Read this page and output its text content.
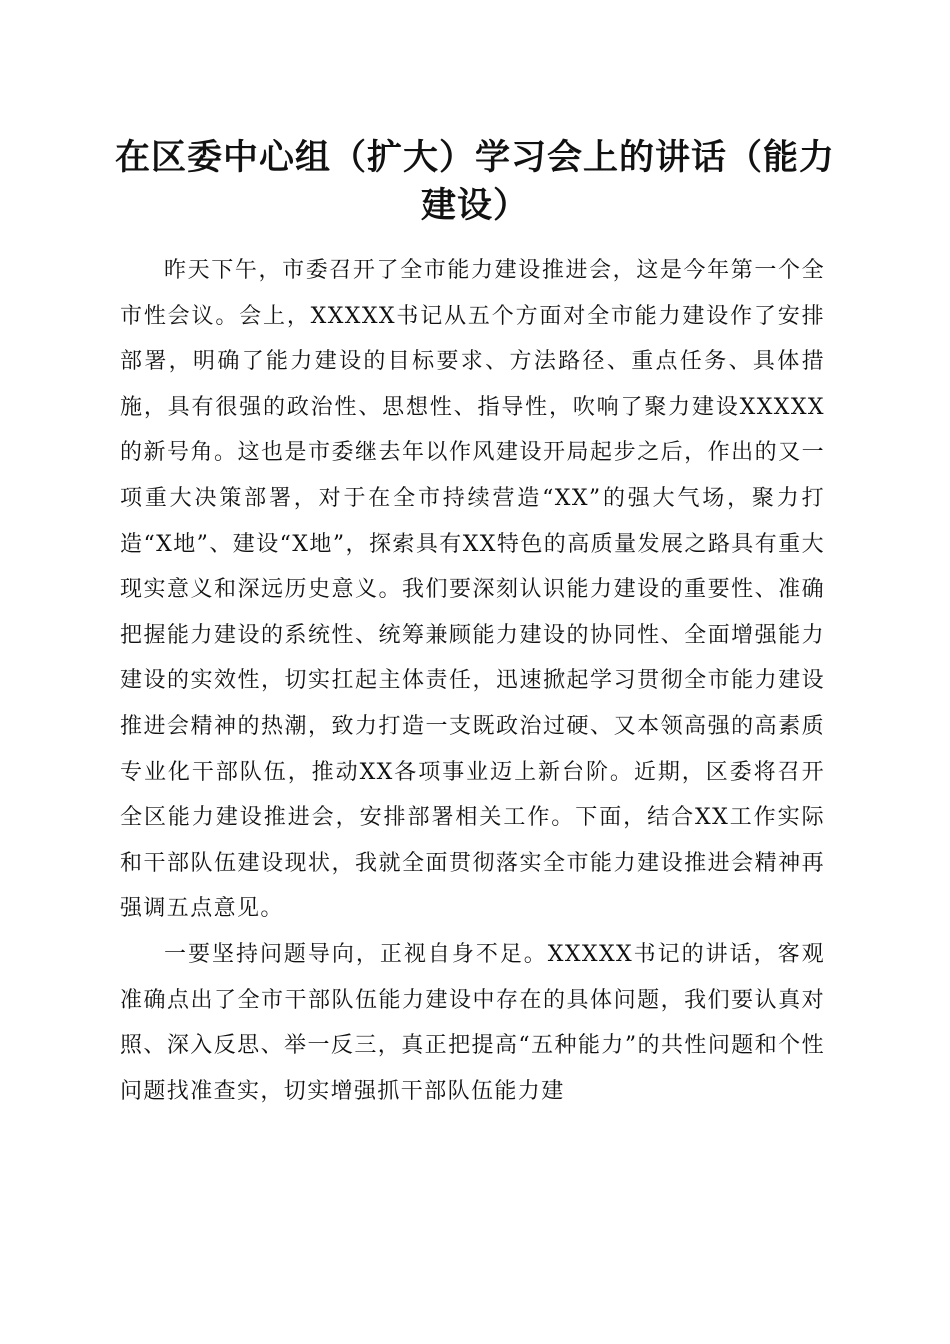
在区委中心组（扩大）学习会上的讲话（能力建设）

昨天下午，市委召开了全市能力建设推进会，这是今年第一个全市性会议。会上，XXXXX书记从五个方面对全市能力建设作了安排部署，明确了能力建设的目标要求、方法路径、重点任务、具体措施，具有很强的政治性、思想性、指导性，吹响了聚力建设XXXXX的新号角。这也是市委继去年以作风建设开局起步之后，作出的又一项重大决策部署，对于在全市持续营造“XX”的强大气场，聚力打造“X地”、建设“X地”，探索具有XX特色的高质量发展之路具有重大现实意义和深远历史意义。我们要深刻认识能力建设的重要性、准确把握能力建设的系统性、统筹兼顾能力建设的协同性、全面增强能力建设的实效性，切实扛起主体责任，迅速掀起学习贯彻全市能力建设推进会精神的热潮，致力打造一支既政治过硬、又本领高强的高素质专业化干部队伍，推动XX各项事业迈上新台阶。近期，区委将召开全区能力建设推进会，安排部署相关工作。下面，结合XX工作实际和干部队伍建设现状，我就全面贯彻落实全市能力建设推进会精神再强调五点意见。

一要坚持问题导向，正视自身不足。XXXXX书记的讲话，客观准确点出了全市干部队伍能力建设中存在的具体问题，我们要认真对照、深入反思、举一反三，真正把提高“五种能力”的共性问题和个性问题找准查实，切实增强抓干部队伍能力建
